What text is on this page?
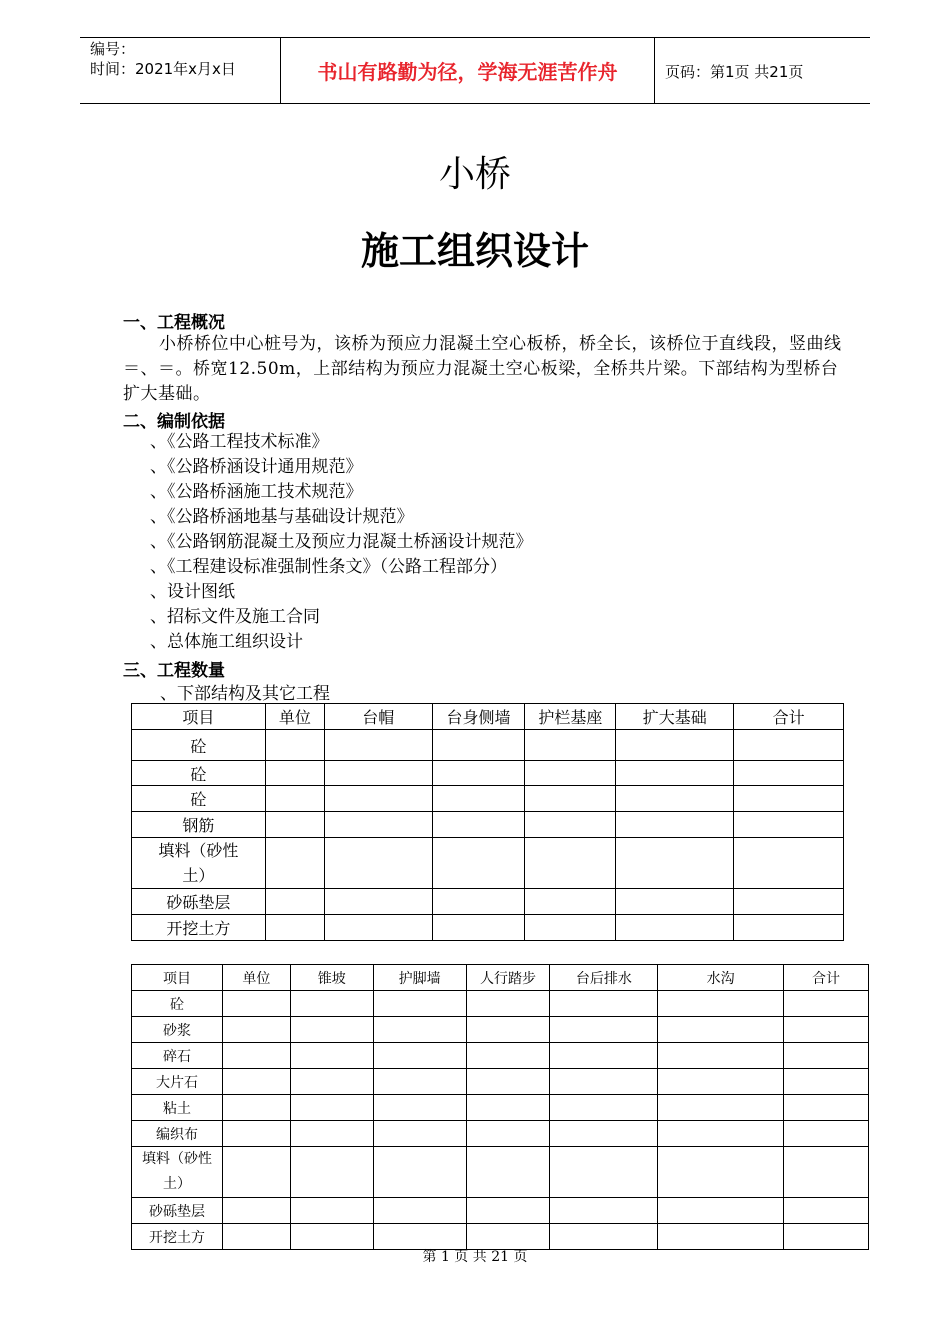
编号：
时间：2021年x月x日	书山有路勤为径，学海无涯苦作舟	页码：第1页 共21页
小桥
施工组织设计
一、工程概况
小桥桥位中心桩号为，该桥为预应力混凝土空心板桥，桥全长，该桥位于直线段，竖曲线＝、＝。桥宽12.50m，上部结构为预应力混凝土空心板梁，全桥共片梁。下部结构为型桥台扩大基础。
二、编制依据
、《公路工程技术标准》
、《公路桥涵设计通用规范》
、《公路桥涵施工技术规范》
、《公路桥涵地基与基础设计规范》
、《公路钢筋混凝土及预应力混凝土桥涵设计规范》
、《工程建设标准强制性条文》（公路工程部分）
、设计图纸
、招标文件及施工合同
、总体施工组织设计
三、工程数量
、下部结构及其它工程
项目	单位	台帽	台身侧墙	护栏基座	扩大基础	合计
砼						
砼						
砼						
钢筋						
填料（砂性土）						
砂砾垫层						
开挖土方						
项目	单位	锥坡	护脚墙	人行踏步	台后排水	水沟	合计
砼							
砂浆							
碎石							
大片石							
粘土							
编织布							
填料（砂性土）							
砂砾垫层							
开挖土方							
第 1 页 共 21 页
